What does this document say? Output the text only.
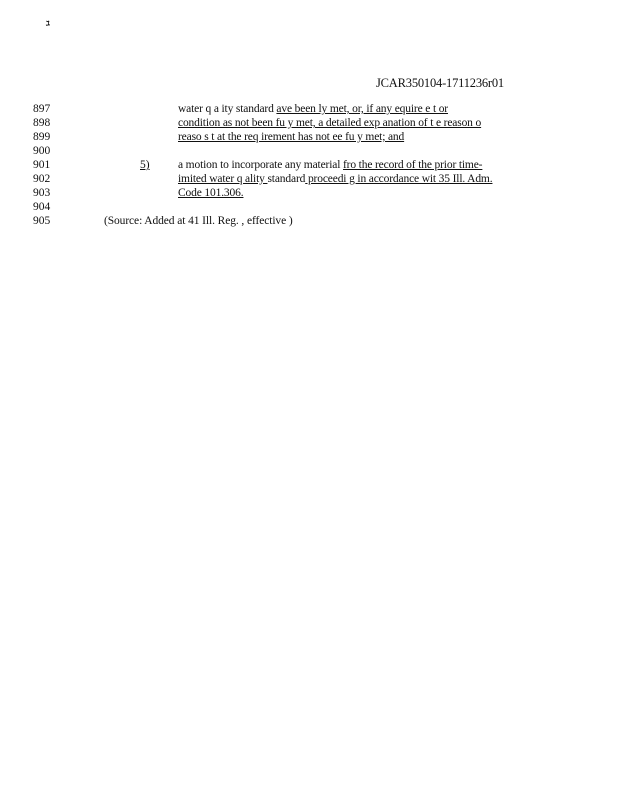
ﾕ
JCAR350104-1711236r01
897	water q a ity standard ave been ly met, or, if any equire e t or
898	condition as not been fu y met, a detailed exp anation of t e reason o
899	reaso s t at the req irement has not ee fu y met; and
900
901	5) a motion to incorporate any material fro the record of the prior time-
902	imited water q ality standard proceedi g in accordance wit 35 Ill. Adm.
903	Code 101.306.
904
905	(Source: Added at 41 Ill. Reg. , effective )
